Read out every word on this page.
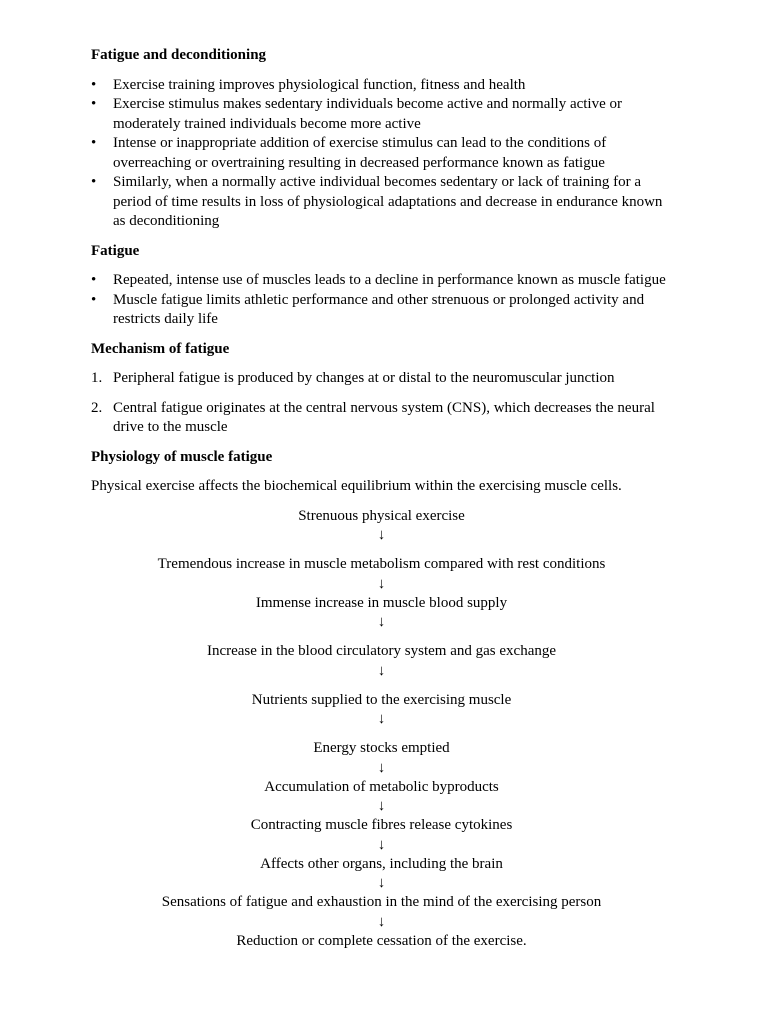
Fatigue and deconditioning
•	Exercise training improves physiological function, fitness and health
•	Exercise stimulus makes sedentary individuals become active and normally active or moderately trained individuals become more active
•	Intense or inappropriate addition of exercise stimulus can lead to the conditions of overreaching or overtraining resulting in decreased performance known as fatigue
•	Similarly, when a normally active individual becomes sedentary or lack of training for a period of time results in loss of physiological adaptations and decrease in endurance known as deconditioning
Fatigue
•	Repeated, intense use of muscles leads to a decline in performance known as muscle fatigue
•	Muscle fatigue limits athletic performance and other strenuous or prolonged activity and restricts daily life
Mechanism of fatigue
1. Peripheral fatigue is produced by changes at or distal to the neuromuscular junction
2. Central fatigue originates at the central nervous system (CNS), which decreases the neural drive to the muscle
Physiology of muscle fatigue

Physical exercise affects the biochemical equilibrium within the exercising muscle cells.

Strenuous physical exercise
↓
Tremendous increase in muscle metabolism compared with rest conditions
↓
Immense increase in muscle blood supply
↓
Increase in the blood circulatory system and gas exchange
↓
Nutrients supplied to the exercising muscle
↓
Energy stocks emptied
↓
Accumulation of metabolic byproducts
↓
Contracting muscle fibres release cytokines
↓
Affects other organs, including the brain
↓
Sensations of fatigue and exhaustion in the mind of the exercising person
↓
Reduction or complete cessation of the exercise.
